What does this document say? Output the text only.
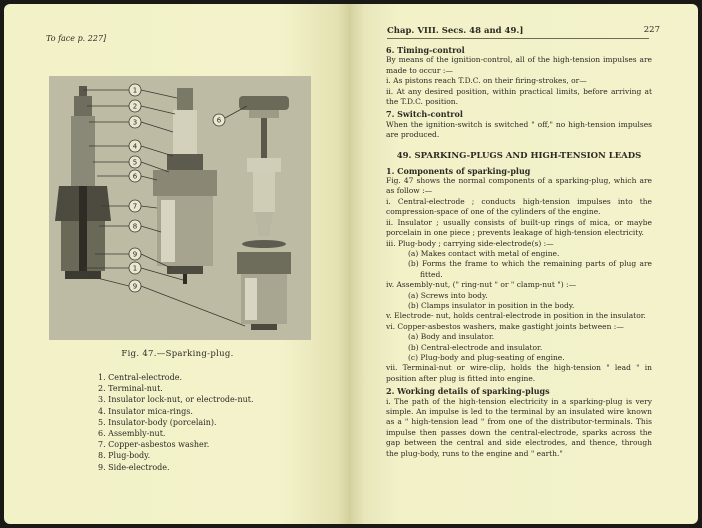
To face p. 227]
1
2
3
4
5
6
7
8
9
1
9
6
Fig. 47.—Sparking-plug.
1. Central-electrode.
2. Terminal-nut.
3. Insulator lock-nut, or electrode-nut.
4. Insulator mica-rings.
5. Insulator-body (porcelain).
6. Assembly-nut.
7. Copper-asbestos washer.
8. Plug-body.
9. Side-electrode.
Chap. VIII. Secs. 48 and 49.]	227

6. Timing-control

By means of the ignition-control, all of the high-tension impulses are made to occur :—

i. As pistons reach T.D.C. on their firing-strokes, or—

ii. At any desired position, within practical limits, before arriving at the T.D.C. position.

7. Switch-control

When the ignition-switch is switched " off," no high-tension impulses are produced.

49. SPARKING-PLUGS AND HIGH-TENSION LEADS

1. Components of sparking-plug

Fig. 47 shows the normal components of a sparking-plug, which are as follow :—

i. Central-electrode ; conducts high-tension impulses into the compression-space of one of the cylinders of the engine.

ii. Insulator ; usually consists of built-up rings of mica, or maybe porcelain in one piece ; prevents leakage of high-tension electricity.

iii. Plug-body ; carrying side-electrode(s) :—

(a) Makes contact with metal of engine.

(b) Forms the frame to which the remaining parts of plug are fitted.

iv. Assembly-nut, (" ring-nut " or " clamp-nut ") :—

(a) Screws into body.

(b) Clamps insulator in position in the body.

v. Electrode- nut, holds central-electrode in position in the insulator.

vi. Copper-asbestos washers, make gastight joints between :—

(a) Body and insulator.

(b) Central-electrode and insulator.

(c) Plug-body and plug-seating of engine.

vii. Terminal-nut or wire-clip, holds the high-tension " lead " in position after plug is fitted into engine.

2. Working details of sparking-plugs

i. The path of the high-tension electricity in a sparking-plug is very simple. An impulse is led to the terminal by an insulated wire known as a " high-tension lead " from one of the distributor-terminals. This impulse then passes down the central-electrode, sparks across the gap between the central and side electrodes, and thence, through the plug-body, runs to the engine and " earth."
